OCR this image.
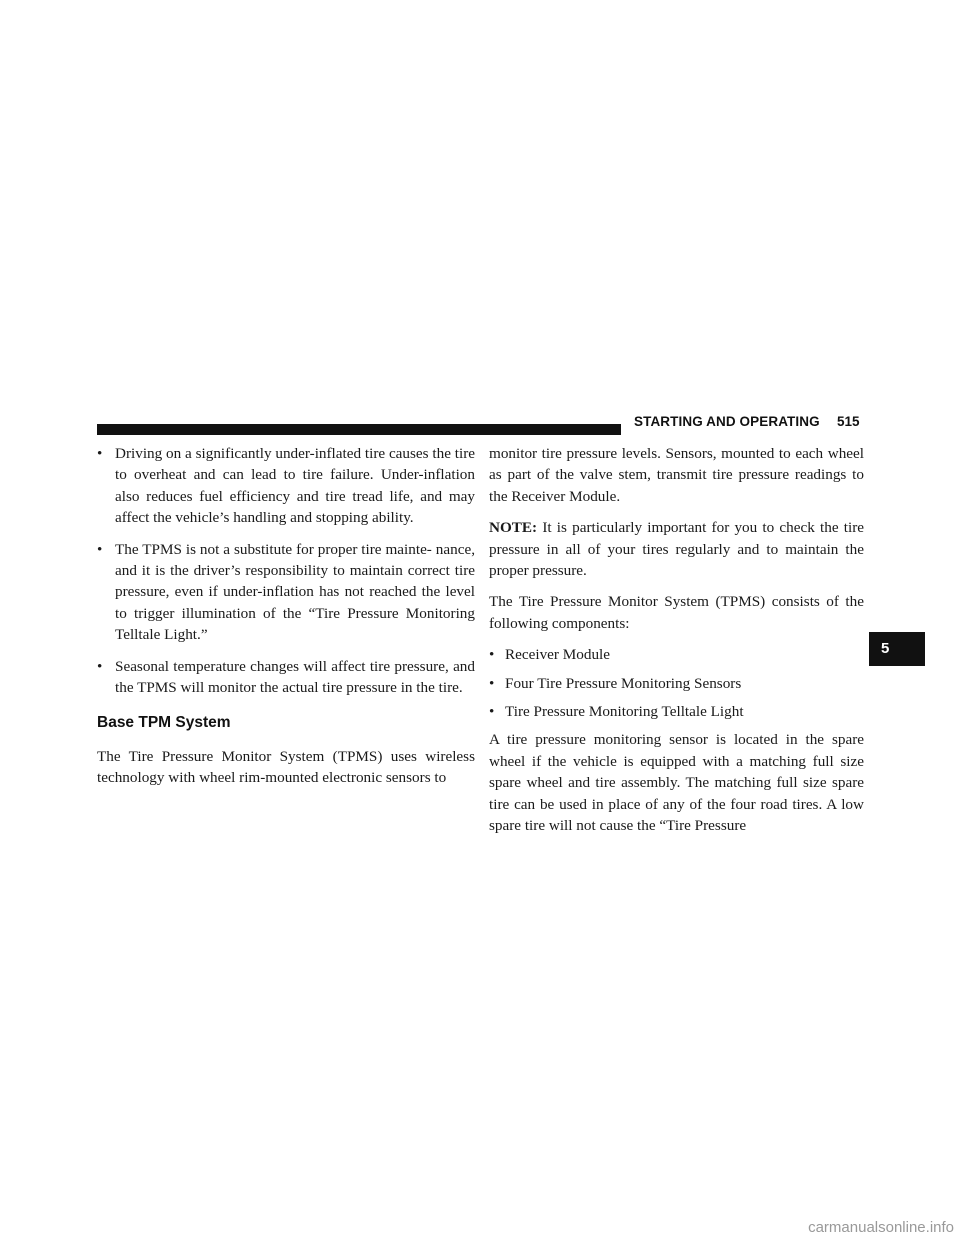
STARTING AND OPERATING 515
5
• Driving on a significantly under-inflated tire causes the tire to overheat and can lead to tire failure. Under-inflation also reduces fuel efficiency and tire tread life, and may affect the vehicle’s handling and stopping ability.
• The TPMS is not a substitute for proper tire mainte- nance, and it is the driver’s responsibility to maintain correct tire pressure, even if under-inflation has not reached the level to trigger illumination of the “Tire Pressure Monitoring Telltale Light.”
• Seasonal temperature changes will affect tire pressure, and the TPMS will monitor the actual tire pressure in the tire.
Base TPM System
The Tire Pressure Monitor System (TPMS) uses wireless technology with wheel rim-mounted electronic sensors to
monitor tire pressure levels. Sensors, mounted to each wheel as part of the valve stem, transmit tire pressure readings to the Receiver Module.
NOTE: It is particularly important for you to check the tire pressure in all of your tires regularly and to maintain the proper pressure.
The Tire Pressure Monitor System (TPMS) consists of the following components:
• Receiver Module
• Four Tire Pressure Monitoring Sensors
• Tire Pressure Monitoring Telltale Light
A tire pressure monitoring sensor is located in the spare wheel if the vehicle is equipped with a matching full size spare wheel and tire assembly. The matching full size spare tire can be used in place of any of the four road tires. A low spare tire will not cause the “Tire Pressure
carmanualsonline.info
